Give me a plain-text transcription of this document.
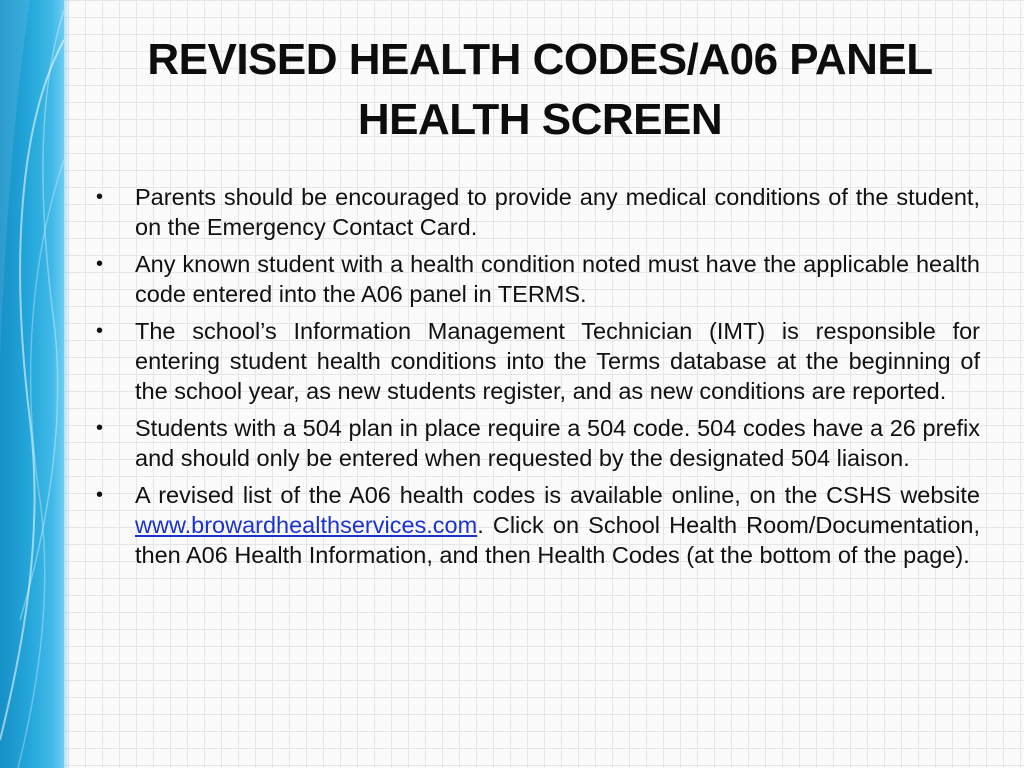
REVISED HEALTH CODES/A06 PANEL
HEALTH SCREEN
• Parents should be encouraged to provide any medical conditions of the student, on the Emergency Contact Card.
• Any known student with a health condition noted must have the applicable health code entered into the A06 panel in TERMS.
• The school’s Information Management Technician (IMT) is responsible for entering student health conditions into the Terms database at the beginning of the school year, as new students register, and as new conditions are reported.
• Students with a 504 plan in place require a 504 code. 504 codes have a 26 prefix and should only be entered when requested by the designated 504 liaison.
• A revised list of the A06 health codes is available online, on the CSHS website www.browardhealthservices.com. Click on School Health Room/Documentation, then A06 Health Information, and then Health Codes (at the bottom of the page).
